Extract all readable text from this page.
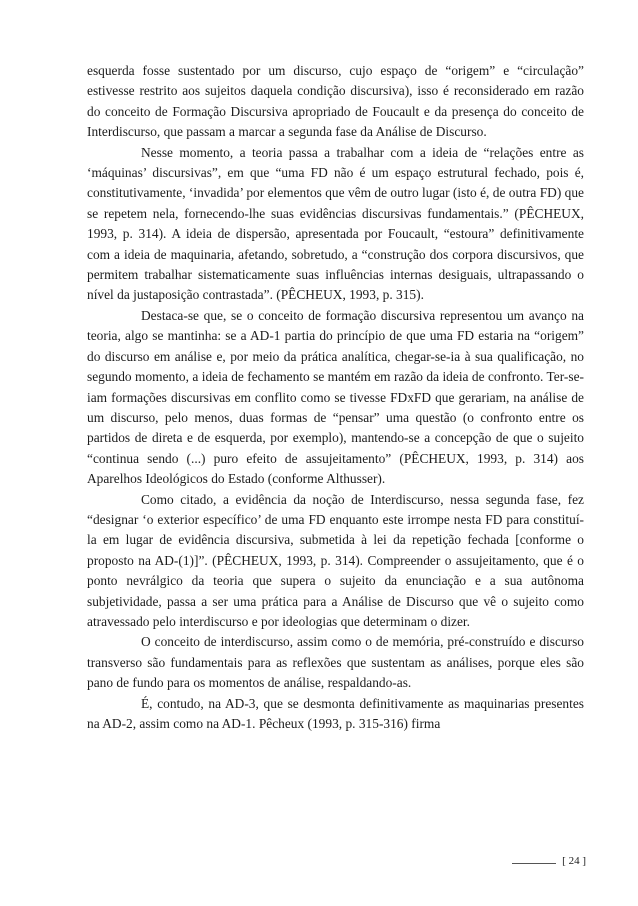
esquerda fosse sustentado por um discurso, cujo espaço de “origem” e “circulação” estivesse restrito aos sujeitos daquela condição discursiva), isso é reconsiderado em razão do conceito de Formação Discursiva apropriado de Foucault e da presença do conceito de Interdiscurso, que passam a marcar a segunda fase da Análise de Discurso.

Nesse momento, a teoria passa a trabalhar com a ideia de “relações entre as ‘máquinas’ discursivas”, em que “uma FD não é um espaço estrutural fechado, pois é, constitutivamente, ‘invadida’ por elementos que vêm de outro lugar (isto é, de outra FD) que se repetem nela, fornecendo-lhe suas evidências discursivas fundamentais.” (PÊCHEUX, 1993, p. 314). A ideia de dispersão, apresentada por Foucault, “estoura” definitivamente com a ideia de maquinaria, afetando, sobretudo, a “construção dos corpora discursivos, que permitem trabalhar sistematicamente suas influências internas desiguais, ultrapassando o nível da justaposição contrastada”. (PÊCHEUX, 1993, p. 315).

Destaca-se que, se o conceito de formação discursiva representou um avanço na teoria, algo se mantinha: se a AD-1 partia do princípio de que uma FD estaria na “origem” do discurso em análise e, por meio da prática analítica, chegar-se-ia à sua qualificação, no segundo momento, a ideia de fechamento se mantém em razão da ideia de confronto. Ter-se-iam formações discursivas em conflito como se tivesse FDxFD que gerariam, na análise de um discurso, pelo menos, duas formas de “pensar” uma questão (o confronto entre os partidos de direta e de esquerda, por exemplo), mantendo-se a concepção de que o sujeito “continua sendo (...) puro efeito de assujeitamento” (PÊCHEUX, 1993, p. 314) aos Aparelhos Ideológicos do Estado (conforme Althusser).

Como citado, a evidência da noção de Interdiscurso, nessa segunda fase, fez “designar ‘o exterior específico’ de uma FD enquanto este irrompe nesta FD para constituí-la em lugar de evidência discursiva, submetida à lei da repetição fechada [conforme o proposto na AD-(1)]”. (PÊCHEUX, 1993, p. 314). Compreender o assujeitamento, que é o ponto nevrálgico da teoria que supera o sujeito da enunciação e a sua autônoma subjetividade, passa a ser uma prática para a Análise de Discurso que vê o sujeito como atravessado pelo interdiscurso e por ideologias que determinam o dizer.

O conceito de interdiscurso, assim como o de memória, pré-construído e discurso transverso são fundamentais para as reflexões que sustentam as análises, porque eles são pano de fundo para os momentos de análise, respaldando-as.

É, contudo, na AD-3, que se desmonta definitivamente as maquinarias presentes na AD-2, assim como na AD-1. Pêcheux (1993, p. 315-316) firma

[ 24 ]
